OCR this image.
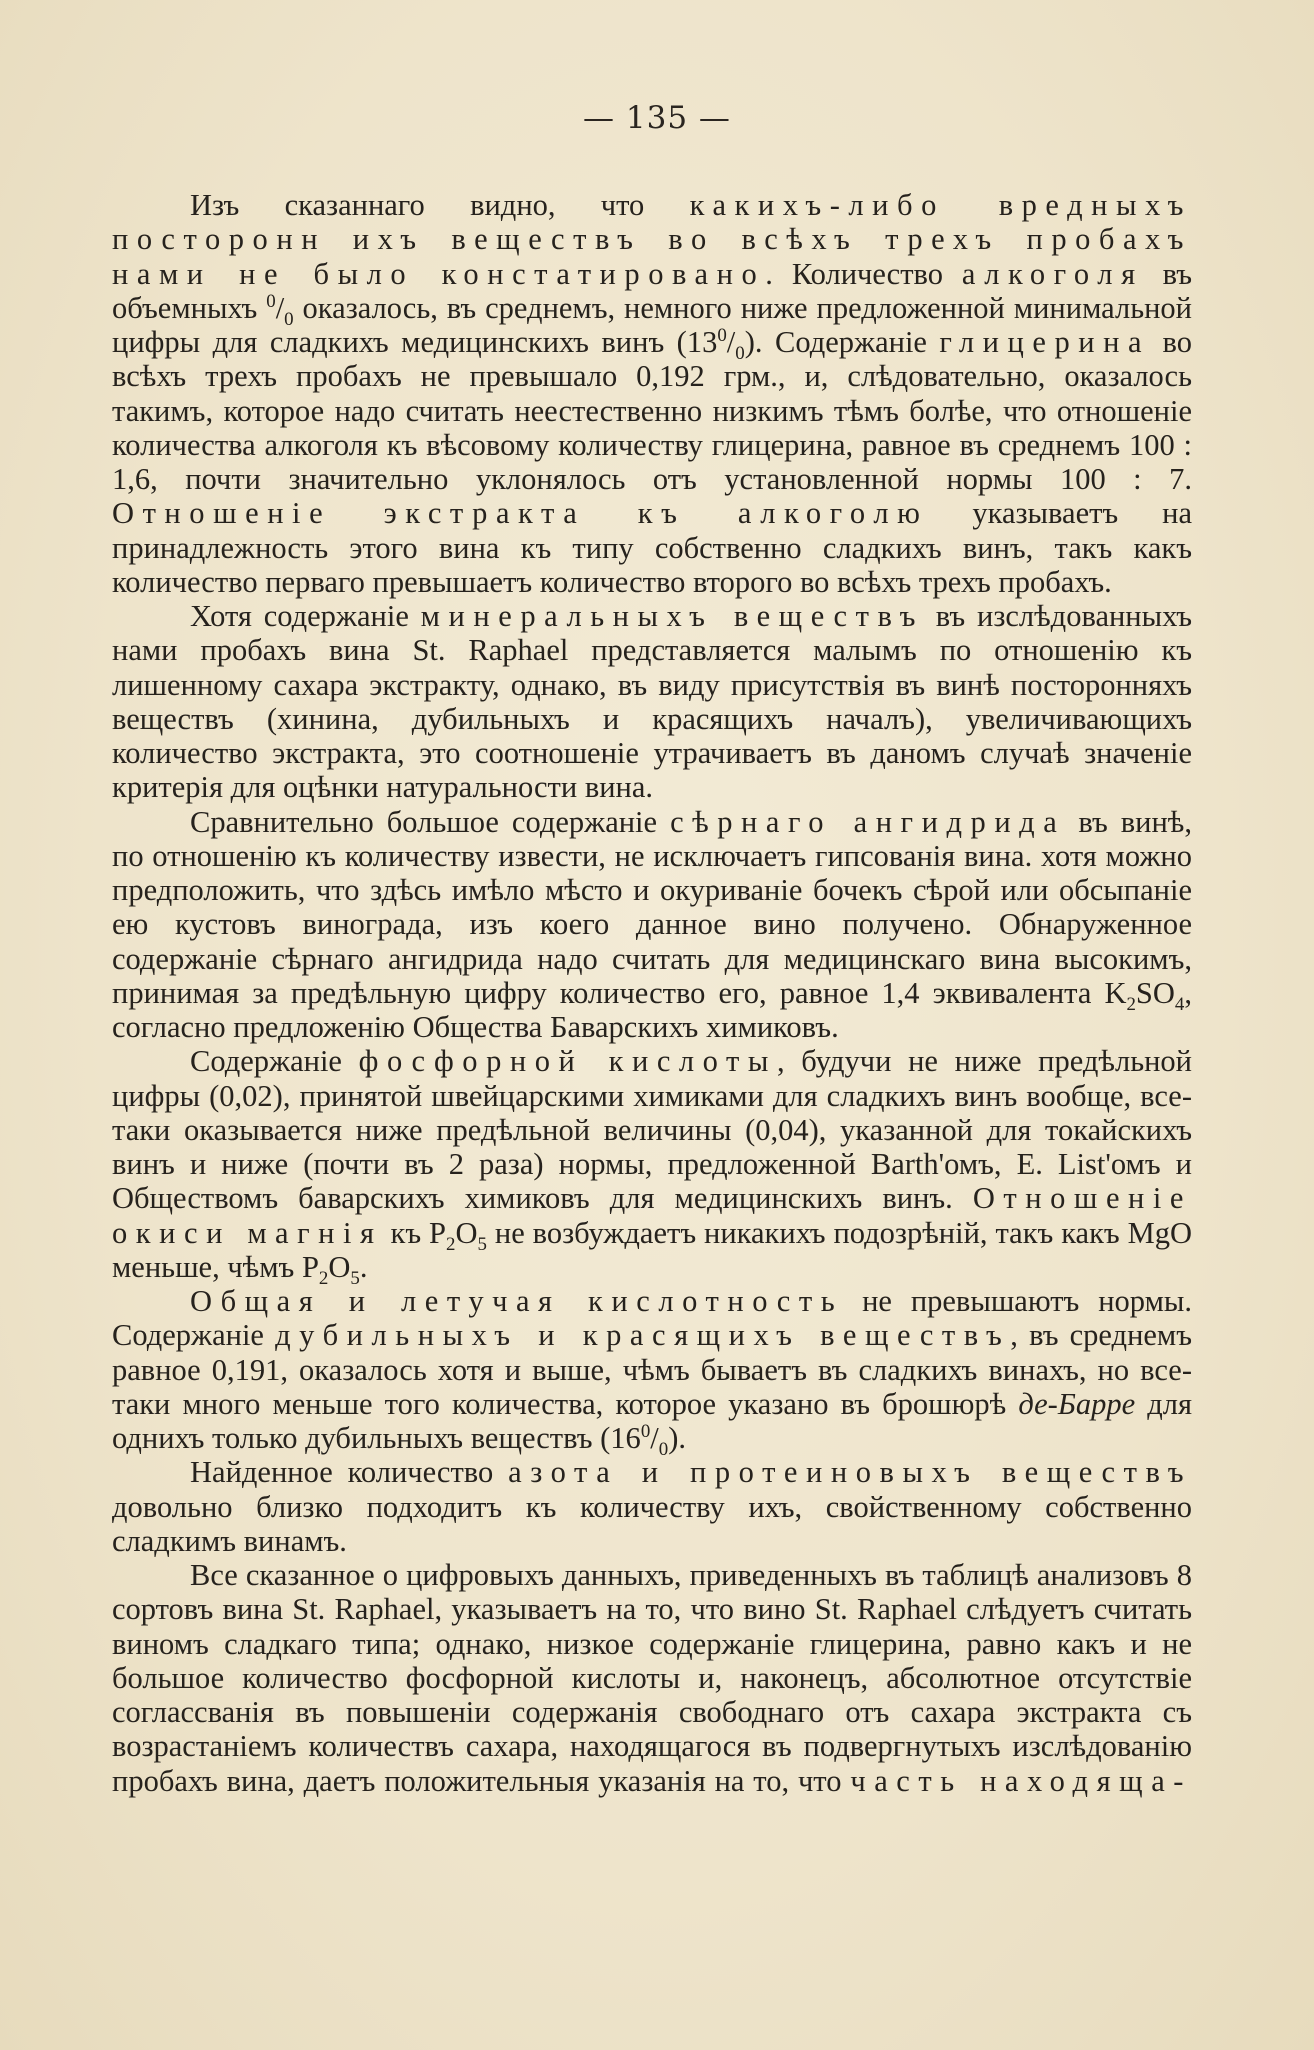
— 135 —

Изъ сказаннаго видно, что какихъ-либо вредныхъ посторонн ихъ веществъ во всѣхъ трехъ пробахъ нами не было констатировано. Количество алкоголя въ объемныхъ $^0/_0$ оказалось, въ среднемъ, немного ниже предложенной минимальной цифры для сладкихъ медицинскихъ винъ $(13^0/_0)$. Содержаніе глицерина во всѣхъ трехъ пробахъ не превышало 0,192 грм., и, слѣдовательно, оказалось такимъ, которое надо считать неестественно низкимъ тѣмъ болѣе, что отношеніе количества алкоголя къ вѣсовому количеству глицерина, равное въ среднемъ 100 : 1,6, почти значительно уклонялось отъ установленной нормы 100 : 7. Отношеніе экстракта къ алкоголю указываетъ на принадлежность этого вина къ типу собственно сладкихъ винъ, такъ какъ количество перваго превышаетъ количество второго во всѣхъ трехъ пробахъ.

Хотя содержаніе минеральныхъ веществъ въ изслѣдованныхъ нами пробахъ вина St. Raphael представляется малымъ по отношенію къ лишенному сахара экстракту, однако, въ виду присутствія въ винѣ посторонняхъ веществъ (хинина, дубильныхъ и красящихъ началъ), увеличивающихъ количество экстракта, это соотношеніе утрачиваетъ въ даномъ случаѣ значеніе критерія для оцѣнки натуральности вина.

Сравнительно большое содержаніе сѣрнаго ангидрида въ винѣ, по отношенію къ количеству извести, не исключаетъ гипсованія вина. хотя можно предположить, что здѣсь имѣло мѣсто и окуриваніе бочекъ сѣрой или обсыпаніе ею кустовъ винограда, изъ коего данное вино получено. Обнаруженное содержаніе сѣрнаго ангидрида надо считать для медицинскаго вина высокимъ, принимая за предѣльную цифру количество его, равное 1,4 эквивалента $K_2SO_4$, согласно предложенію Общества Баварскихъ химиковъ.

Содержаніе фосфорной кислоты, будучи не ниже предѣльной цифры (0,02), принятой швейцарскими химиками для сладкихъ винъ вообще, все-таки оказывается ниже предѣльной величины (0,04), указанной для токайскихъ винъ и ниже (почти въ 2 раза) нормы, предложенной Barth'омъ, E. List'омъ и Обществомъ баварскихъ химиковъ для медицинскихъ винъ. Отношеніе окиси магнія къ $P_2O_5$ не возбуждаетъ никакихъ подозрѣній, такъ какъ MgO меньше, чѣмъ $P_2O_5$.

Общая и летучая кислотность не превышаютъ нормы. Содержаніе дубильныхъ и красящихъ веществъ, въ среднемъ равное 0,191, оказалось хотя и выше, чѣмъ бываетъ въ сладкихъ винахъ, но все-таки много меньше того количества, которое указано въ брошюрѣ де-Барре для однихъ только дубильныхъ веществъ $(16^0/_0)$.

Найденное количество азота и протеиновыхъ веществъ довольно близко подходитъ къ количеству ихъ, свойственному собственно сладкимъ винамъ.

Все сказанное о цифровыхъ данныхъ, приведенныхъ въ таблицѣ анализовъ 8 сортовъ вина St. Raphael, указываетъ на то, что вино St. Raphael слѣдуетъ считать виномъ сладкаго типа; однако, низкое содержаніе глицерина, равно какъ и не большое количество фосфорной кислоты и, наконецъ, абсолютное отсутствіе соглассванія въ повышеніи содержанія свободнаго отъ сахара экстракта съ возрастаніемъ количествъ сахара, находящагося въ подвергнутыхъ изслѣдованію пробахъ вина, даетъ положительныя указанія на то, что часть находяща-
